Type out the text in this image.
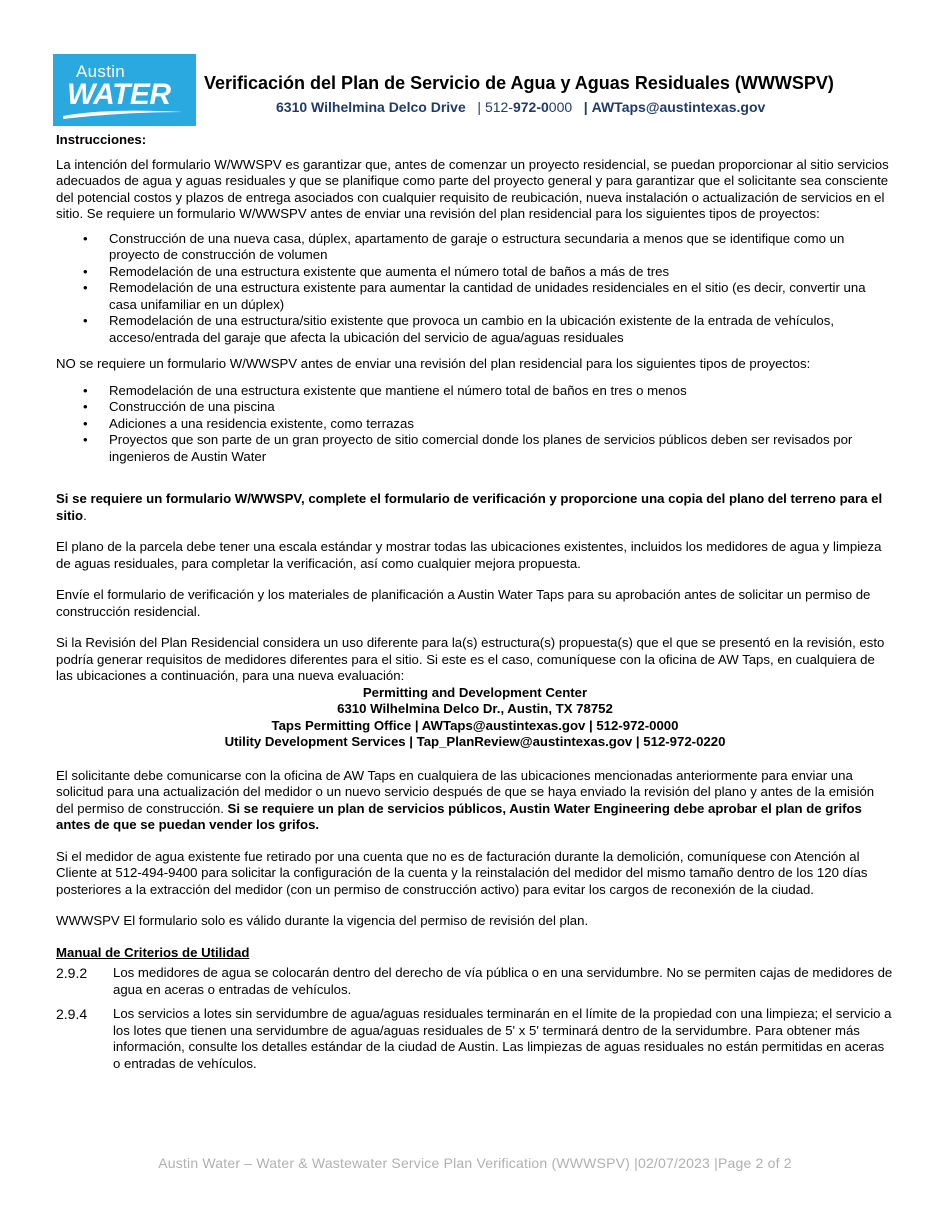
Austin
WATER Verificación del Plan de Servicio de Agua y Aguas Residuales (WWWSPV)
6310 Wilhelmina Delco Drive   | 512-972-0000   | AWTaps@austintexas.gov

Instrucciones:

La intención del formulario W/WWSPV es garantizar que, antes de comenzar un proyecto residencial, se puedan proporcionar al sitio servicios adecuados de agua y aguas residuales y que se planifique como parte del proyecto general y para garantizar que el solicitante sea consciente del potencial costos y plazos de entrega asociados con cualquier requisito de reubicación, nueva instalación o actualización de servicios en el sitio. Se requiere un formulario W/WWSPV antes de enviar una revisión del plan residencial para los siguientes tipos de proyectos:

• Construcción de una nueva casa, dúplex, apartamento de garaje o estructura secundaria a menos que se identifique como un proyecto de construcción de volumen
• Remodelación de una estructura existente que aumenta el número total de baños a más de tres
• Remodelación de una estructura existente para aumentar la cantidad de unidades residenciales en el sitio (es decir, convertir una casa unifamiliar en un dúplex)
• Remodelación de una estructura/sitio existente que provoca un cambio en la ubicación existente de la entrada de vehículos, acceso/entrada del garaje que afecta la ubicación del servicio de agua/aguas residuales

NO se requiere un formulario W/WWSPV antes de enviar una revisión del plan residencial para los siguientes tipos de proyectos:

• Remodelación de una estructura existente que mantiene el número total de baños en tres o menos
• Construcción de una piscina
• Adiciones a una residencia existente, como terrazas
• Proyectos que son parte de un gran proyecto de sitio comercial donde los planes de servicios públicos deben ser revisados por ingenieros de Austin Water

Si se requiere un formulario W/WWSPV, complete el formulario de verificación y proporcione una copia del plano del terreno para el sitio.

El plano de la parcela debe tener una escala estándar y mostrar todas las ubicaciones existentes, incluidos los medidores de agua y limpieza de aguas residuales, para completar la verificación, así como cualquier mejora propuesta.

Envíe el formulario de verificación y los materiales de planificación a Austin Water Taps para su aprobación antes de solicitar un permiso de construcción residencial.

Si la Revisión del Plan Residencial considera un uso diferente para la(s) estructura(s) propuesta(s) que el que se presentó en la revisión, esto podría generar requisitos de medidores diferentes para el sitio. Si este es el caso, comuníquese con la oficina de AW Taps, en cualquiera de las ubicaciones a continuación, para una nueva evaluación:

Permitting and Development Center
6310 Wilhelmina Delco Dr., Austin, TX 78752
Taps Permitting Office | AWTaps@austintexas.gov | 512-972-0000
Utility Development Services | Tap_PlanReview@austintexas.gov | 512-972-0220

El solicitante debe comunicarse con la oficina de AW Taps en cualquiera de las ubicaciones mencionadas anteriormente para enviar una solicitud para una actualización del medidor o un nuevo servicio después de que se haya enviado la revisión del plano y antes de la emisión del permiso de construcción. Si se requiere un plan de servicios públicos, Austin Water Engineering debe aprobar el plan de grifos antes de que se puedan vender los grifos.

Si el medidor de agua existente fue retirado por una cuenta que no es de facturación durante la demolición, comuníquese con Atención al Cliente at 512-494-9400 para solicitar la configuración de la cuenta y la reinstalación del medidor del mismo tamaño dentro de los 120 días posteriores a la extracción del medidor (con un permiso de construcción activo) para evitar los cargos de reconexión de la ciudad.

WWWSPV El formulario solo es válido durante la vigencia del permiso de revisión del plan.

Manual de Criterios de Utilidad

2.9.2 Los medidores de agua se colocarán dentro del derecho de vía pública o en una servidumbre. No se permiten cajas de medidores de agua en aceras o entradas de vehículos.
2.9.4 Los servicios a lotes sin servidumbre de agua/aguas residuales terminarán en el límite de la propiedad con una limpieza; el servicio a los lotes que tienen una servidumbre de agua/aguas residuales de 5' x 5' terminará dentro de la servidumbre. Para obtener más información, consulte los detalles estándar de la ciudad de Austin. Las limpiezas de aguas residuales no están permitidas en aceras o entradas de vehículos.
Austin Water – Water & Wastewater Service Plan Verification (WWWSPV) |02/07/2023 |Page 2 of 2
